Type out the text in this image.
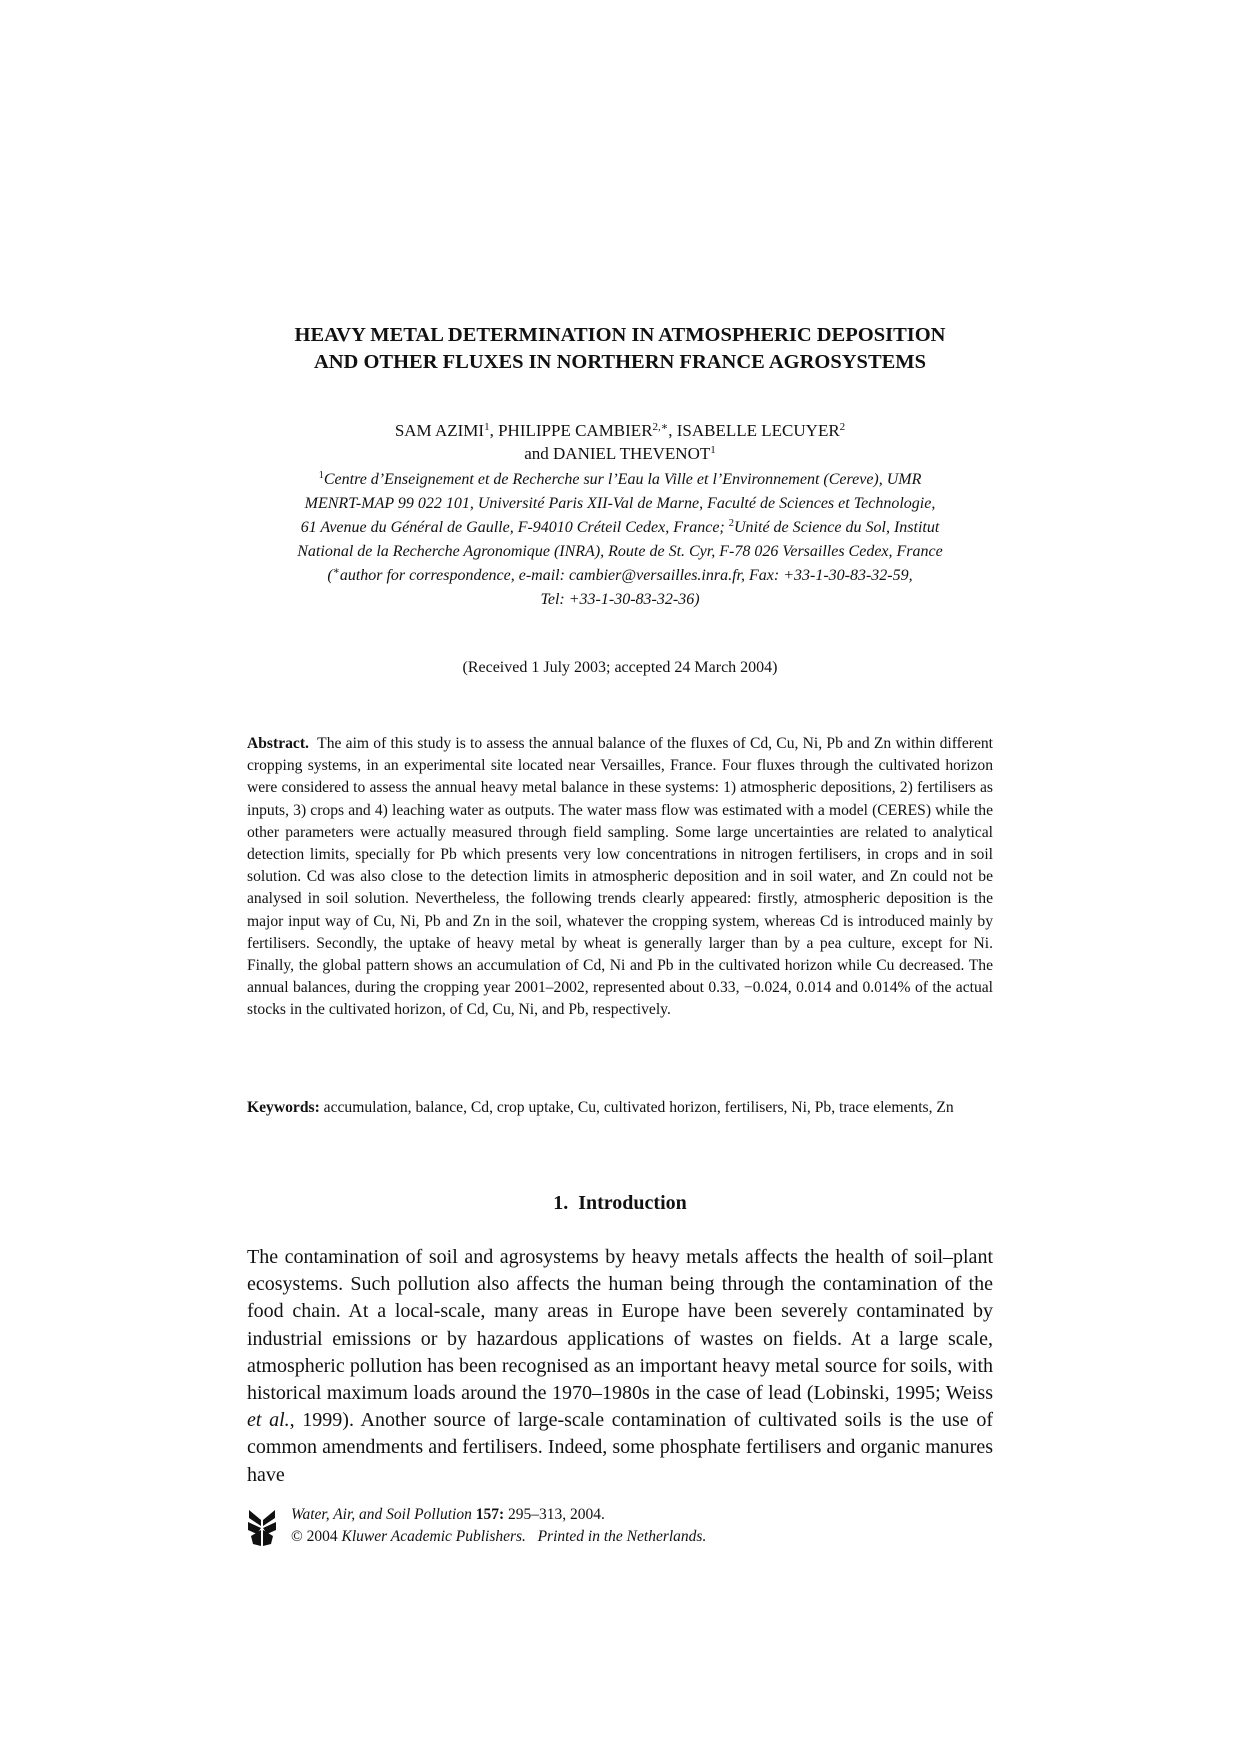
HEAVY METAL DETERMINATION IN ATMOSPHERIC DEPOSITION
AND OTHER FLUXES IN NORTHERN FRANCE AGROSYSTEMS
SAM AZIMI$^1$, PHILIPPE $CAMBIER^{2,∗}$, ISABELLE LECUYER$^2$
and DANIEL THEVENOT$^1$
$^1$Centre d’Enseignement et de Recherche sur l’Eau la Ville et l’Environnement (Cereve), UMR
MENRT-MAP 99 022 101, Université Paris XII-Val de Marne, Faculté de Sciences et Technologie,
61 Avenue du Général de Gaulle, F-94010 Créteil Cedex, France; $^2$Unité de Science du Sol, Institut
National de la Recherche Agronomique (INRA), Route de St. Cyr, F-78 026 Versailles Cedex, France
(∗author for correspondence, e-mail: cambier@versailles.inra.fr, Fax: +33-1-30-83-32-59,
Tel: +33-1-30-83-32-36)
(Received 1 July 2003; accepted 24 March 2004)
Abstract. The aim of this study is to assess the annual balance of the fluxes of Cd, Cu, Ni, Pb and Zn within different cropping systems, in an experimental site located near Versailles, France. Four fluxes through the cultivated horizon were considered to assess the annual heavy metal balance in these systems: 1) atmospheric depositions, 2) fertilisers as inputs, 3) crops and 4) leaching water as outputs. The water mass flow was estimated with a model (CERES) while the other parameters were actually measured through field sampling. Some large uncertainties are related to analytical detection limits, specially for Pb which presents very low concentrations in nitrogen fertilisers, in crops and in soil solution. Cd was also close to the detection limits in atmospheric deposition and in soil water, and Zn could not be analysed in soil solution. Nevertheless, the following trends clearly appeared: firstly, atmospheric deposition is the major input way of Cu, Ni, Pb and Zn in the soil, whatever the cropping system, whereas Cd is introduced mainly by fertilisers. Secondly, the uptake of heavy metal by wheat is generally larger than by a pea culture, except for Ni. Finally, the global pattern shows an accumulation of Cd, Ni and Pb in the cultivated horizon while Cu decreased. The annual balances, during the cropping year 2001–2002, represented about 0.33, −0.024, 0.014 and 0.014% of the actual stocks in the cultivated horizon, of Cd, Cu, Ni, and Pb, respectively.
Keywords: accumulation, balance, Cd, crop uptake, Cu, cultivated horizon, fertilisers, Ni, Pb, trace elements, Zn
1. Introduction
The contamination of soil and agrosystems by heavy metals affects the health of soil–plant ecosystems. Such pollution also affects the human being through the contamination of the food chain. At a local-scale, many areas in Europe have been severely contaminated by industrial emissions or by hazardous applications of wastes on fields. At a large scale, atmospheric pollution has been recognised as an important heavy metal source for soils, with historical maximum loads around the 1970–1980s in the case of lead (Lobinski, 1995; Weiss et al., 1999). Another source of large-scale contamination of cultivated soils is the use of common amendments and fertilisers. Indeed, some phosphate fertilisers and organic manures have
Water, Air, and Soil Pollution 157: 295–313, 2004.
© 2004 Kluwer Academic Publishers. Printed in the Netherlands.
